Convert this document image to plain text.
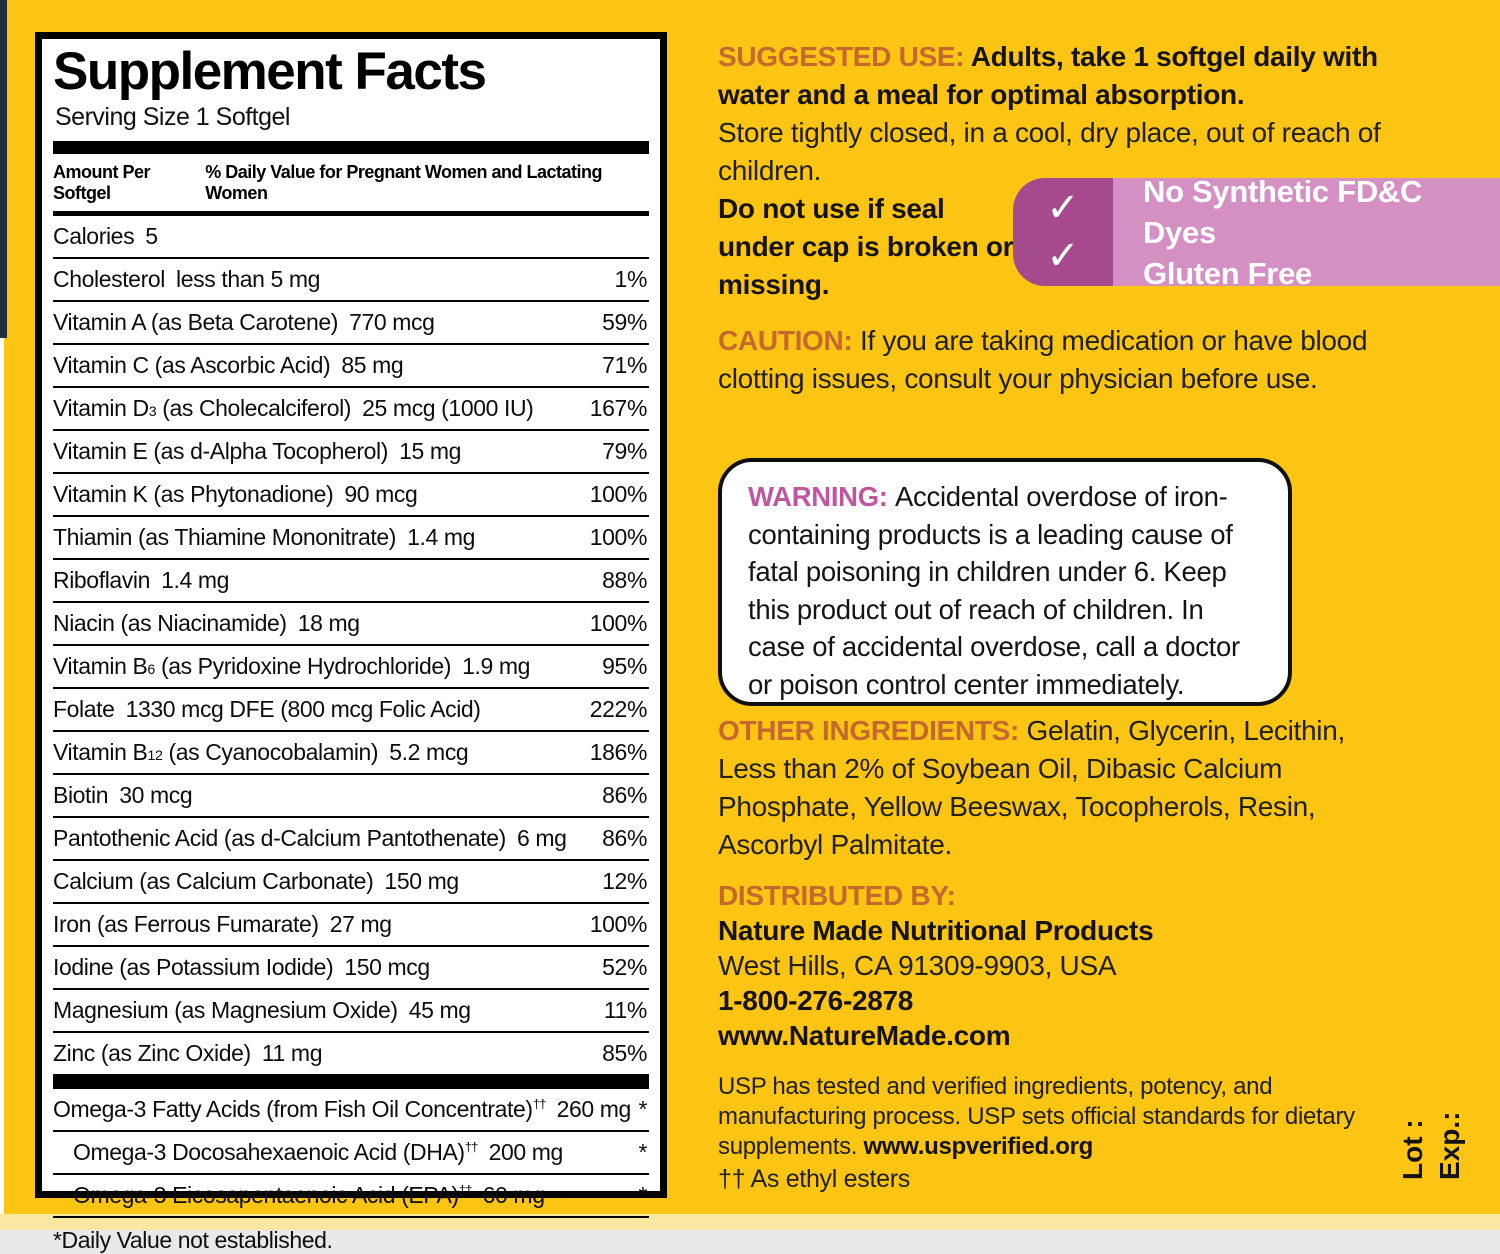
Supplement Facts
Serving Size 1 Softgel
Amount Per Softgel
% Daily Value for Pregnant Women and Lactating Women
Calories 5
Cholesterol less than 5 mg	1%
Vitamin A (as Beta Carotene) 770 mcg	59%
Vitamin C (as Ascorbic Acid) 85 mg	71%
Vitamin D3 (as Cholecalciferol) 25 mcg (1000 IU) 167%
Vitamin E (as d-Alpha Tocopherol) 15 mg	79%
Vitamin K (as Phytonadione) 90 mcg	100%
Thiamin (as Thiamine Mononitrate) 1.4 mg	100%
Riboflavin 1.4 mg	88%
Niacin (as Niacinamide) 18 mg	100%
Vitamin B6 (as Pyridoxine Hydrochloride) 1.9 mg	95%
Folate 1330 mcg DFE (800 mcg Folic Acid)	222%
Vitamin B12 (as Cyanocobalamin) 5.2 mcg	186%
Biotin 30 mcg	86%
Pantothenic Acid (as d-Calcium Pantothenate) 6 mg 86%
Calcium (as Calcium Carbonate) 150 mg	12%
Iron (as Ferrous Fumarate) 27 mg	100%
Iodine (as Potassium Iodide) 150 mcg	52%
Magnesium (as Magnesium Oxide) 45 mg	11%
Zinc (as Zinc Oxide) 11 mg	85%
Omega-3 Fatty Acids (from Fish Oil Concentrate)†† 260 mg *
Omega-3 Docosahexaenoic Acid (DHA)†† 200 mg	*
Omega-3 Eicosapentaenoic Acid (EPA)†† 60 mg	*
*Daily Value not established.
SUGGESTED USE: Adults, take 1 softgel daily with water and a meal for optimal absorption.
Store tightly closed, in a cool, dry place, out of reach of children.
Do not use if seal under cap is broken or missing.
✓
✓
No Synthetic FD&C Dyes
Gluten Free
CAUTION: If you are taking medication or have blood clotting issues, consult your physician before use.
WARNING: Accidental overdose of iron-containing products is a leading cause of fatal poisoning in children under 6. Keep this product out of reach of children. In case of accidental overdose, call a doctor or poison control center immediately.
OTHER INGREDIENTS: Gelatin, Glycerin, Lecithin, Less than 2% of Soybean Oil, Dibasic Calcium Phosphate, Yellow Beeswax, Tocopherols, Resin, Ascorbyl Palmitate.
DISTRIBUTED BY:
Nature Made Nutritional Products
West Hills, CA 91309-9903, USA
1-800-276-2878
www.NatureMade.com
USP has tested and verified ingredients, potency, and manufacturing process. USP sets official standards for dietary supplements. www.uspverified.org
†† As ethyl esters	Lot : Exp.:
